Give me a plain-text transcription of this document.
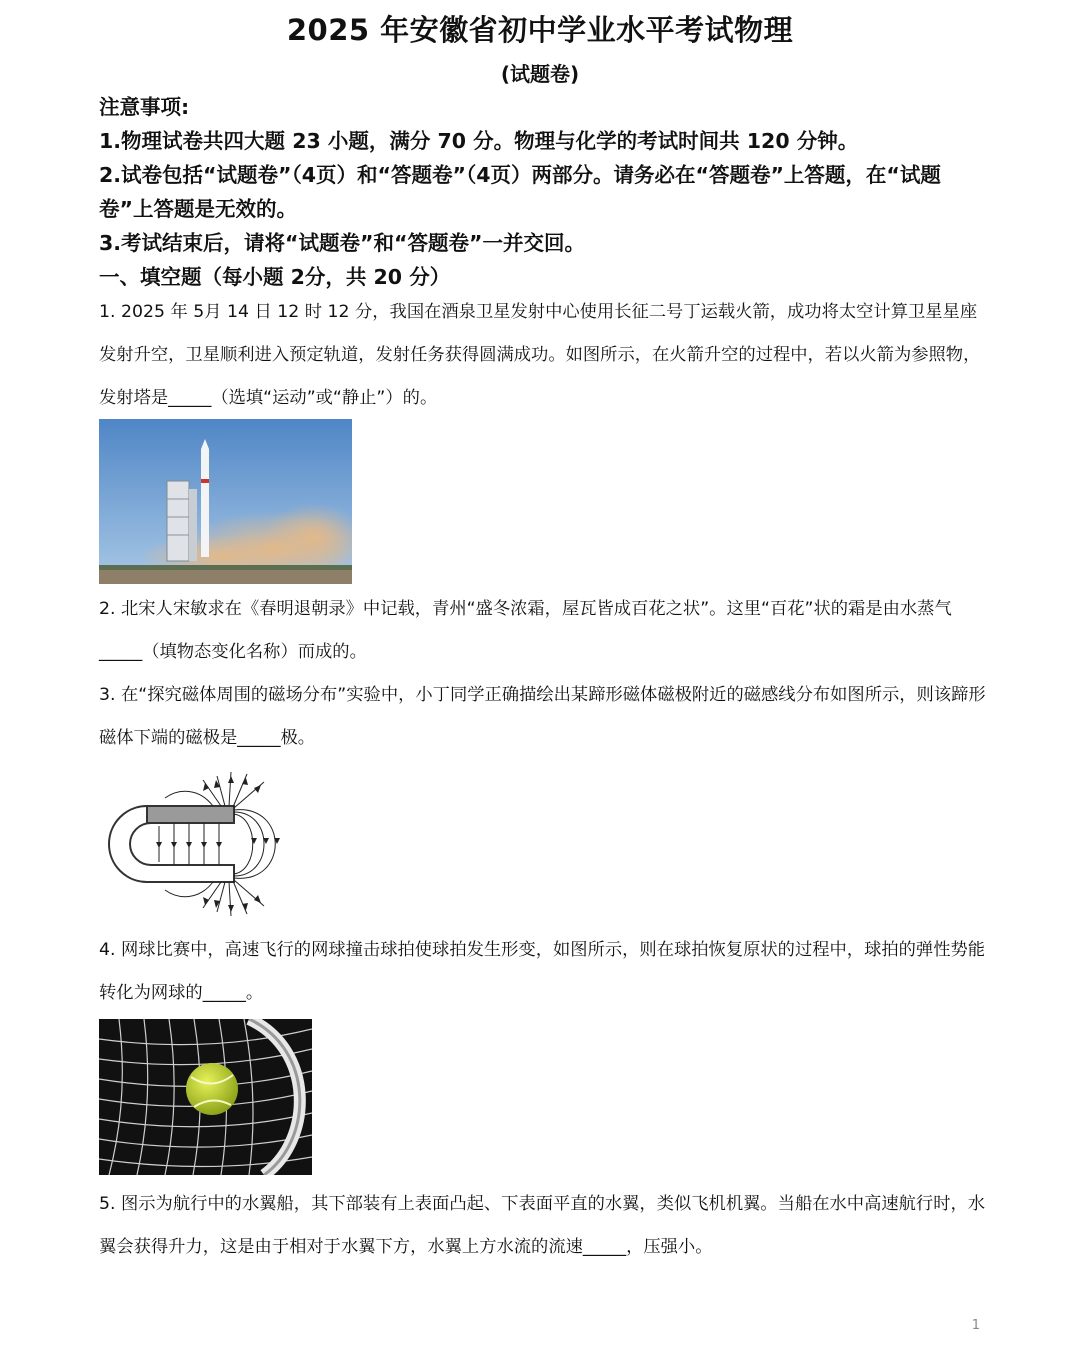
2025 年安徽省初中学业水平考试物理
(试题卷)
注意事项:
1.物理试卷共四大题 23 小题，满分 70 分。物理与化学的考试时间共 120 分钟。
2.试卷包括“试题卷”（4页）和“答题卷”（4页）两部分。请务必在“答题卷”上答题，在“试题卷”上答题是无效的。
3.考试结束后，请将“试题卷”和“答题卷”一并交回。
一、填空题（每小题 2分，共 20 分）
1. 2025 年 5月 14 日 12 时 12 分，我国在酒泉卫星发射中心使用长征二号丁运载火箭，成功将太空计算卫星星座发射升空，卫星顺利进入预定轨道，发射任务获得圆满成功。如图所示，在火箭升空的过程中，若以火箭为参照物，发射塔是_____（选填“运动”或“静止”）的。
2. 北宋人宋敏求在《春明退朝录》中记载，青州“盛冬浓霜，屋瓦皆成百花之状”。这里“百花”状的霜是由水蒸气_____（填物态变化名称）而成的。
3. 在“探究磁体周围的磁场分布”实验中，小丁同学正确描绘出某蹄形磁体磁极附近的磁感线分布如图所示，则该蹄形磁体下端的磁极是_____极。
4. 网球比赛中，高速飞行的网球撞击球拍使球拍发生形变，如图所示，则在球拍恢复原状的过程中，球拍的弹性势能转化为网球的_____。
5. 图示为航行中的水翼船，其下部装有上表面凸起、下表面平直的水翼，类似飞机机翼。当船在水中高速航行时，水翼会获得升力，这是由于相对于水翼下方，水翼上方水流的流速_____，压强小。
1
